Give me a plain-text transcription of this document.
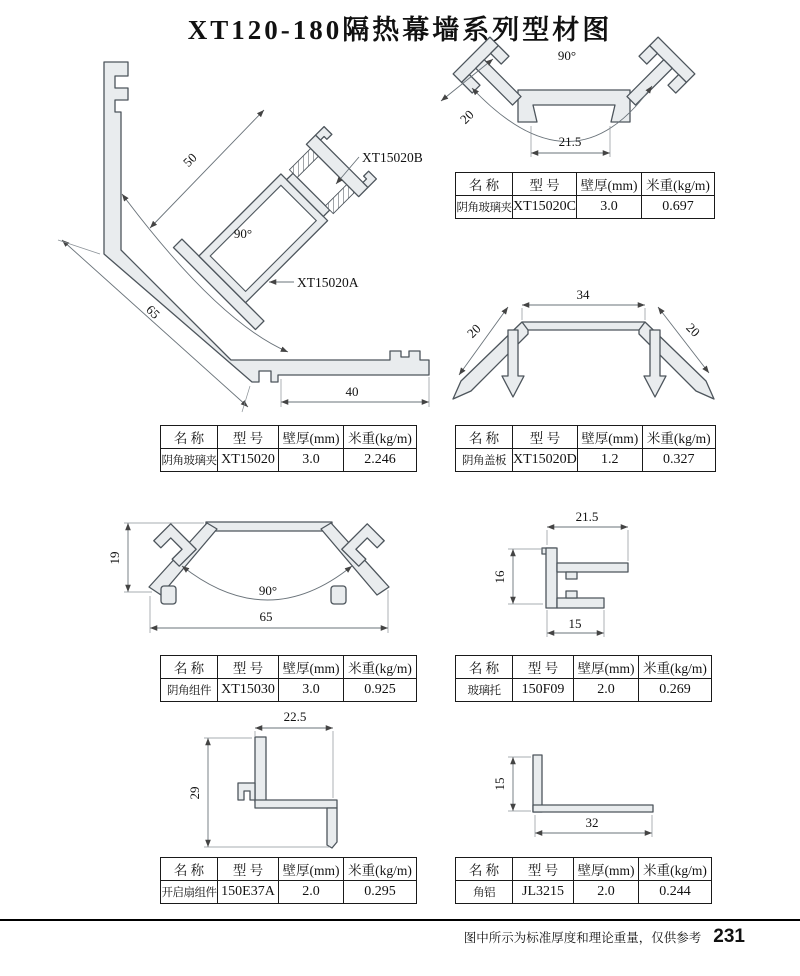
XT120-180隔热幕墙系列型材图
50
65
40
90°
XT15020B
XT15020A
90°
20
21.5
34
20	20
19
90°
65
21.5
16
15
22.5
29
15
32
名 称	型 号	壁厚(mm)	米重(kg/m)
阴角玻璃夹	XT15020C	3.0	0.697
名 称	型 号	壁厚(mm)	米重(kg/m)
阴角玻璃夹	XT15020	3.0	2.246
名 称	型 号	壁厚(mm)	米重(kg/m)
阴角盖板	XT15020D	1.2	0.327
名 称	型 号	壁厚(mm)	米重(kg/m)
阴角组件	XT15030	3.0	0.925
名 称	型 号	壁厚(mm)	米重(kg/m)
玻璃托	150F09	2.0	0.269
名 称	型 号	壁厚(mm)	米重(kg/m)
开启扇组件	150E37A	2.0	0.295
名 称	型 号	壁厚(mm)	米重(kg/m)
角铝	JL3215	2.0	0.244
图中所示为标准厚度和理论重量，仅供参考 231
